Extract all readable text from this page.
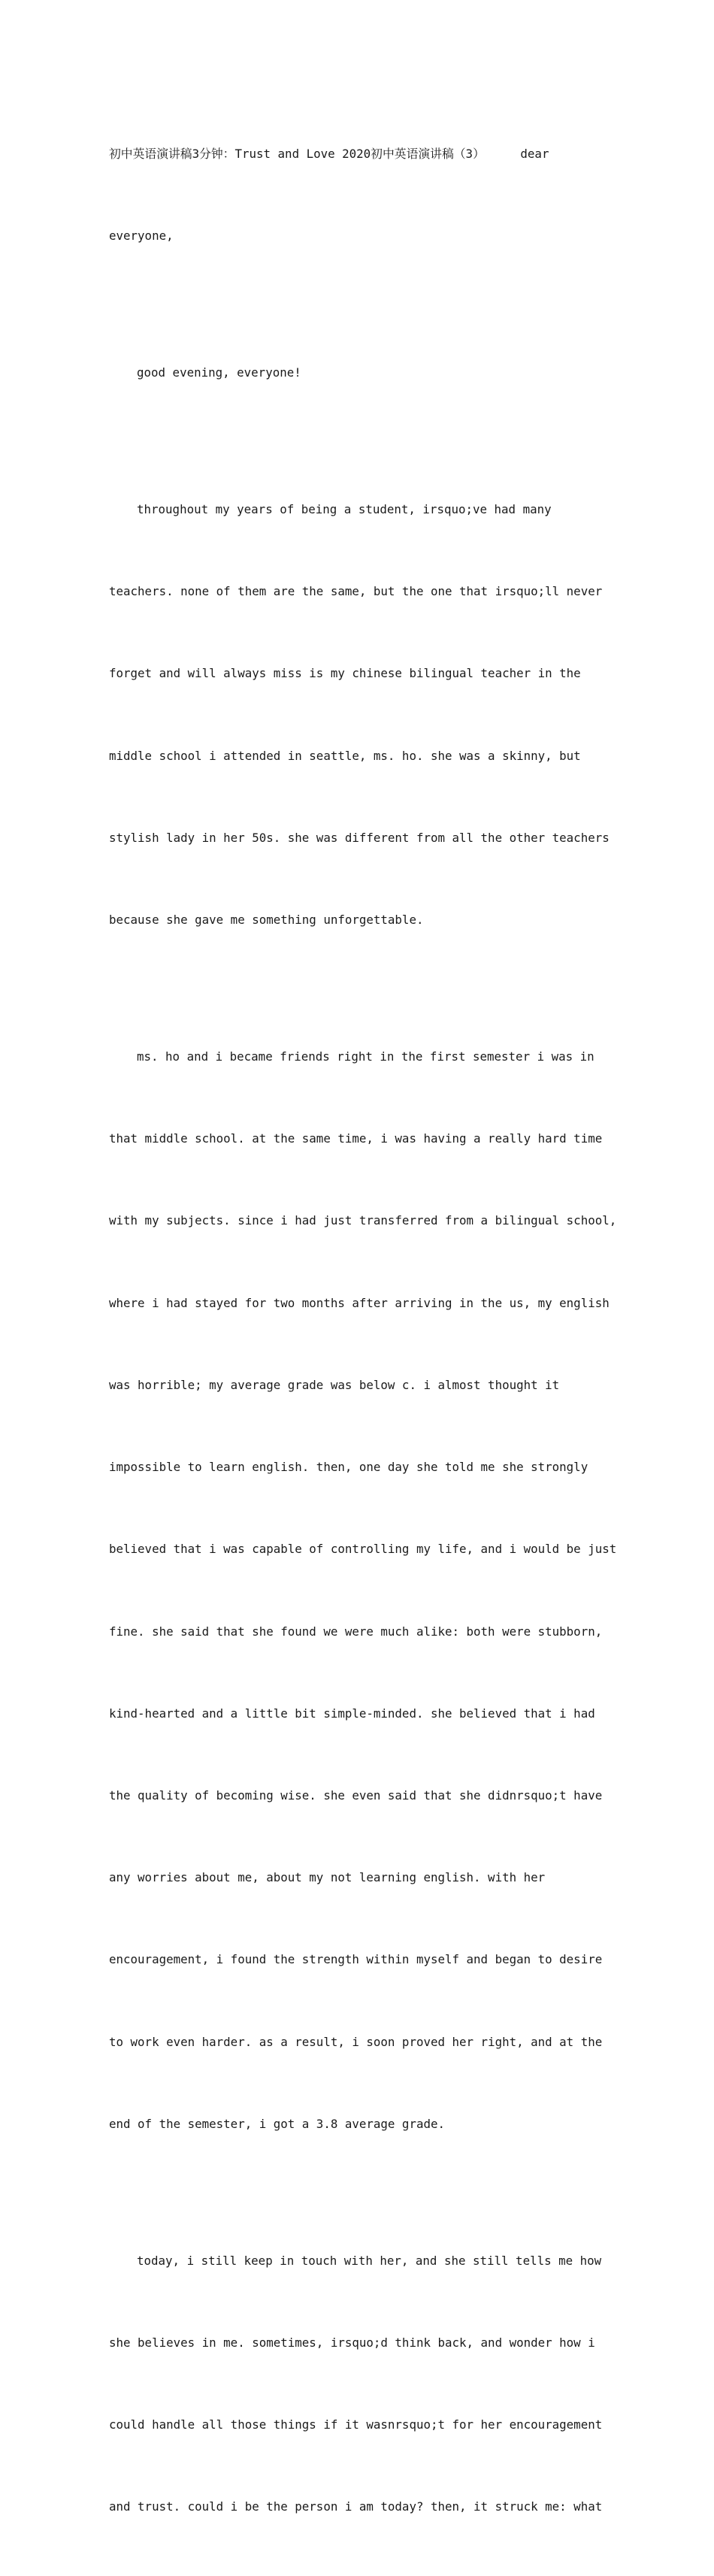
初中英语演讲稿3分钟：Trust and Love 2020初中英语演讲稿（3）     dear

everyone,

good evening, everyone!

throughout my years of being a student, irsquo;ve had many

teachers. none of them are the same, but the one that irsquo;ll never

forget and will always miss is my chinese bilingual teacher in the

middle school i attended in seattle, ms. ho. she was a skinny, but

stylish lady in her 50s. she was different from all the other teachers

because she gave me something unforgettable.

ms. ho and i became friends right in the first semester i was in

that middle school. at the same time, i was having a really hard time

with my subjects. since i had just transferred from a bilingual school,

where i had stayed for two months after arriving in the us, my english

was horrible; my average grade was below c. i almost thought it

impossible to learn english. then, one day she told me she strongly

believed that i was capable of controlling my life, and i would be just

fine. she said that she found we were much alike: both were stubborn,

kind-hearted and a little bit simple-minded. she believed that i had

the quality of becoming wise. she even said that she didnrsquo;t have

any worries about me, about my not learning english. with her

encouragement, i found the strength within myself and began to desire

to work even harder. as a result, i soon proved her right, and at the

end of the semester, i got a 3.8 average grade.

today, i still keep in touch with her, and she still tells me how

she believes in me. sometimes, irsquo;d think back, and wonder how i

could handle all those things if it wasnrsquo;t for her encouragement

and trust. could i be the person i am today? then, it struck me: what
